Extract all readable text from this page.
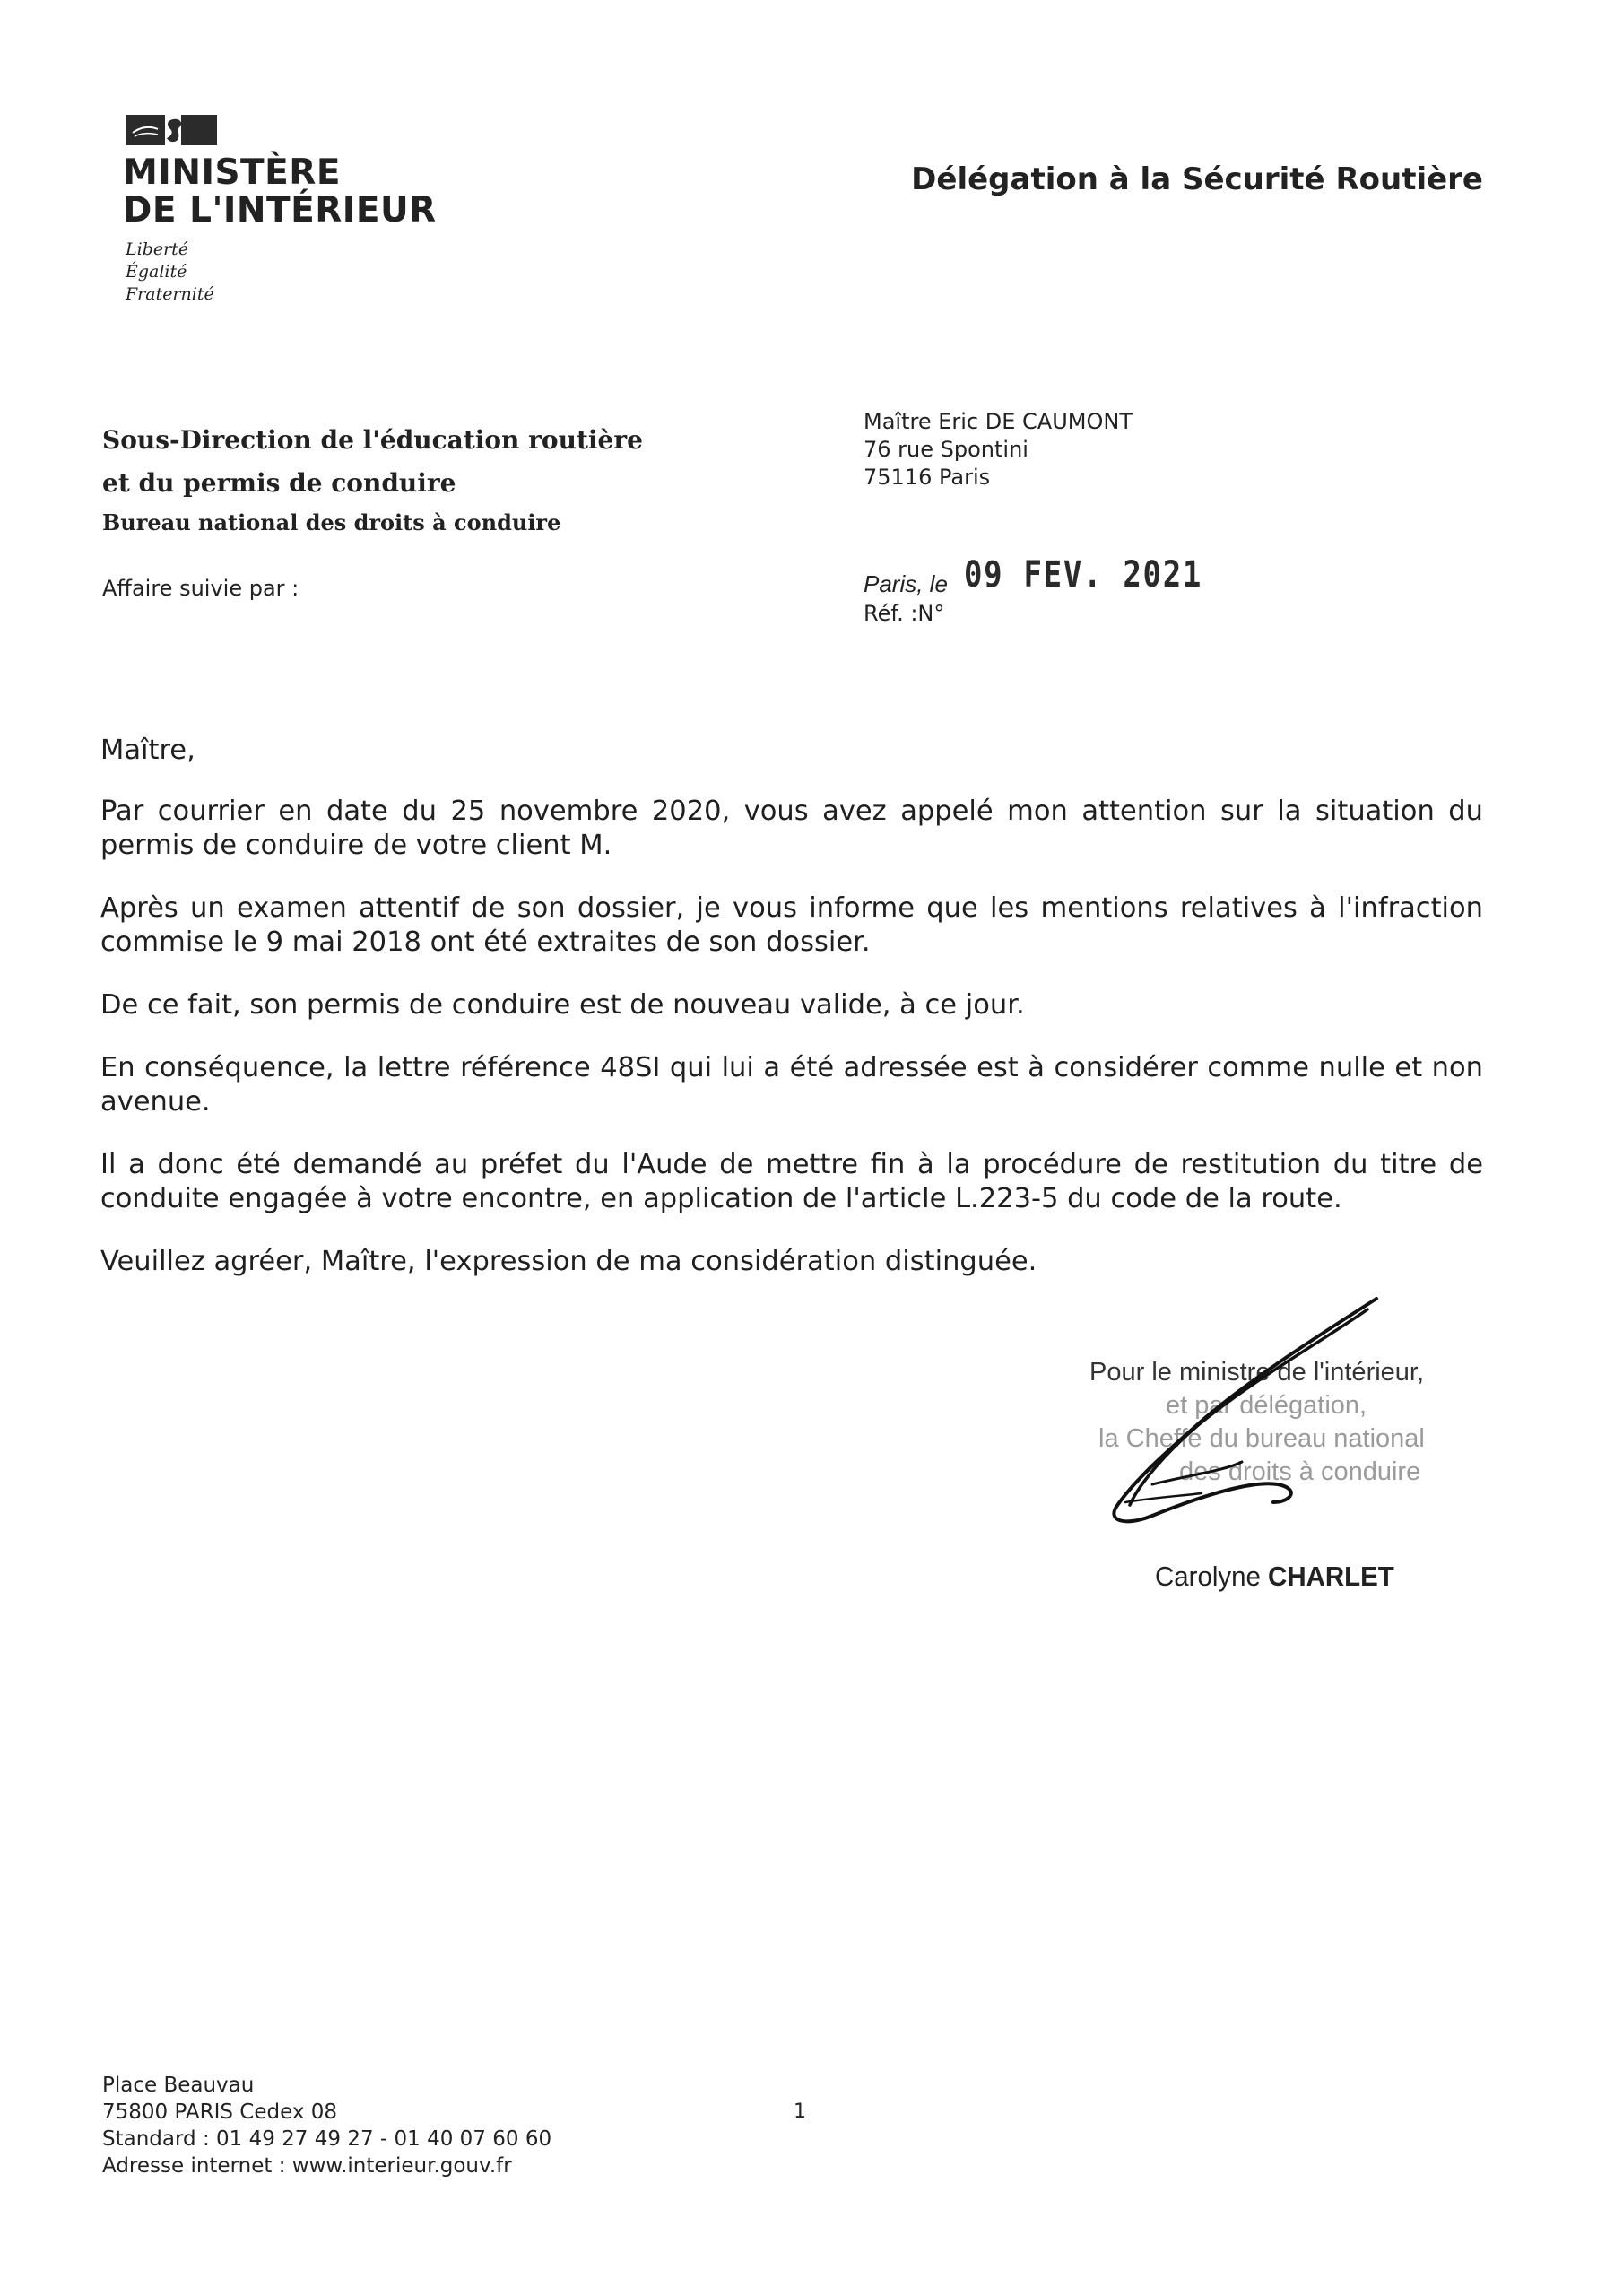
MINISTÈRE
DE L'INTÉRIEUR
Liberté
Égalité
Fraternité
Délégation à la Sécurité Routière
Sous-Direction de l'éducation routière
et du permis de conduire
Bureau national des droits à conduire
Affaire suivie par :
Maître Eric DE CAUMONT
76 rue Spontini
75116 Paris
Paris, le 09 FEV. 2021
Réf. :N°

Maître,

Par courrier en date du 25 novembre 2020, vous avez appelé mon attention sur la situation du permis de conduire de votre client M.

Après un examen attentif de son dossier, je vous informe que les mentions relatives à l'infraction commise le 9 mai 2018 ont été extraites de son dossier.

De ce fait, son permis de conduire est de nouveau valide, à ce jour.

En conséquence, la lettre référence 48SI qui lui a été adressée est à considérer comme nulle et non avenue.

Il a donc été demandé au préfet du l'Aude de mettre fin à la procédure de restitution du titre de conduite engagée à votre encontre, en application de l'article L.223-5 du code de la route.

Veuillez agréer, Maître, l'expression de ma considération distinguée.

Pour le ministre de l'intérieur,
et par délégation,
la Cheffe du bureau national
des droits à conduire
Carolyne CHARLET
Place Beauvau
75800 PARIS Cedex 08
Standard : 01 49 27 49 27 - 01 40 07 60 60
Adresse internet : www.interieur.gouv.fr
1
